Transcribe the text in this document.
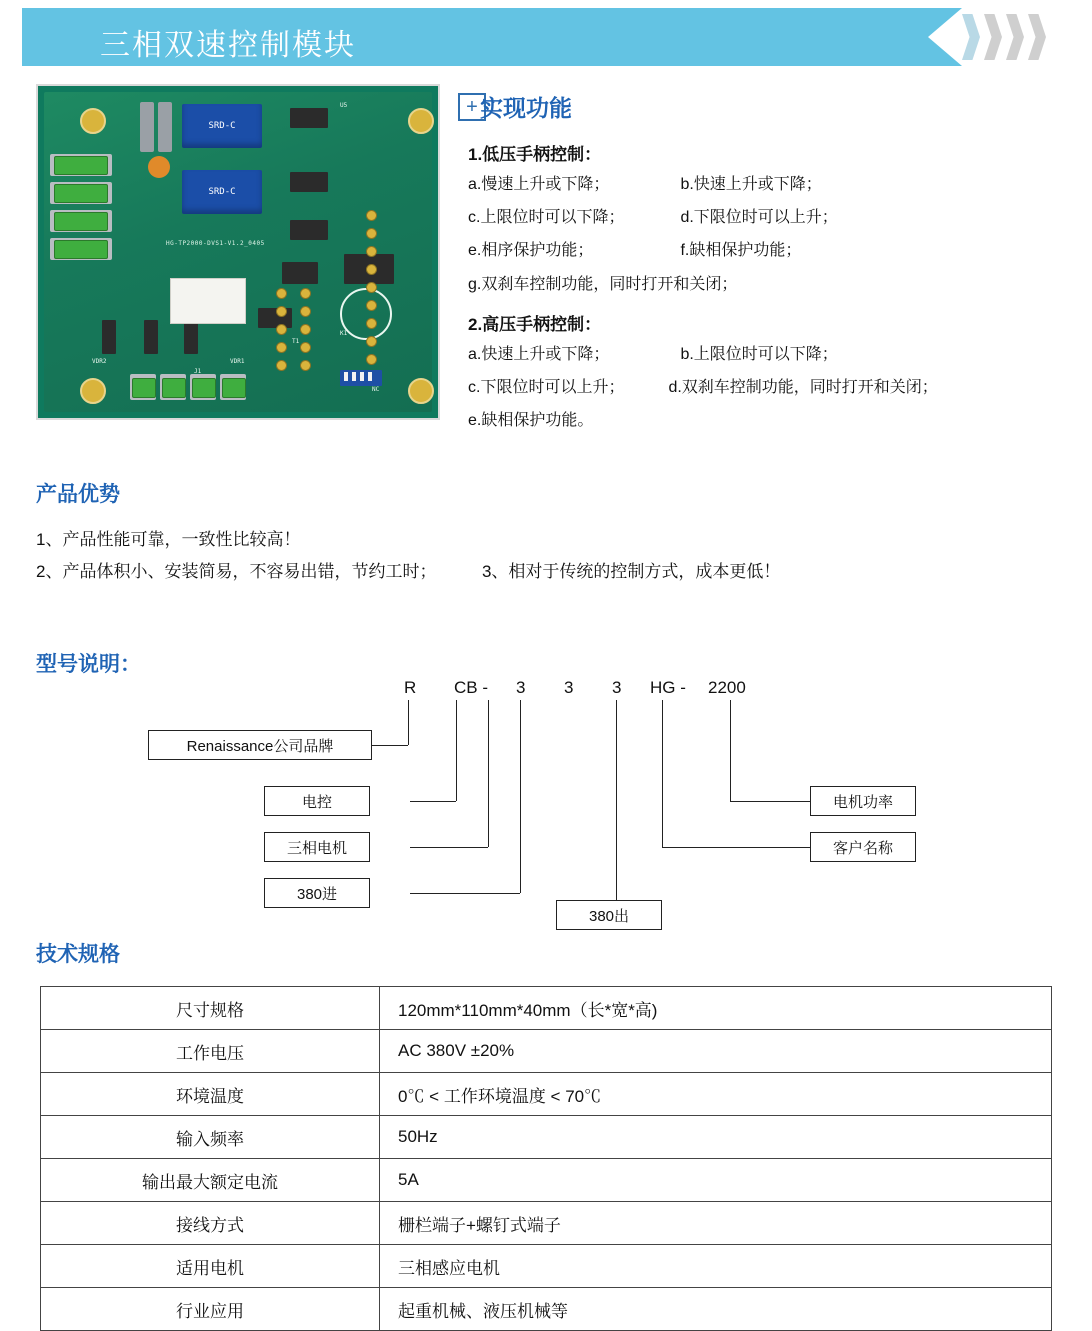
三相双速控制模块
SRD-C
SRD-C
HG-TP2000-DVS1-V1.2_0405
VDR2	VDR1
T1
K1
U5
J1
NC
+ 实现功能
1.低压手柄控制：
a.慢速上升或下降；	b.快速上升或下降；
c.上限位时可以下降；	d.下限位时可以上升；
e.相序保护功能；	f.缺相保护功能；
g.双刹车控制功能，同时打开和关闭；
2.高压手柄控制：
a.快速上升或下降；	b.上限位时可以下降；
c.下限位时可以上升；	d.双刹车控制功能，同时打开和关闭；
e.缺相保护功能。
产品优势
1、产品性能可靠，一致性比较高！
2、产品体积小、安装简易，不容易出错，节约工时；	3、相对于传统的控制方式，成本更低！
型号说明：
R CB - 3 3 3 HG - 2200
Renaissance公司品牌
电控
三相电机
380进
380出
客户名称
电机功率
技术规格
尺寸规格	120mm*110mm*40mm（长*宽*高)
工作电压	AC 380V ±20%
环境温度	0℃ < 工作环境温度 < 70℃
输入频率	50Hz
输出最大额定电流	5A
接线方式	栅栏端子+螺钉式端子
适用电机	三相感应电机
行业应用	起重机械、液压机械等
